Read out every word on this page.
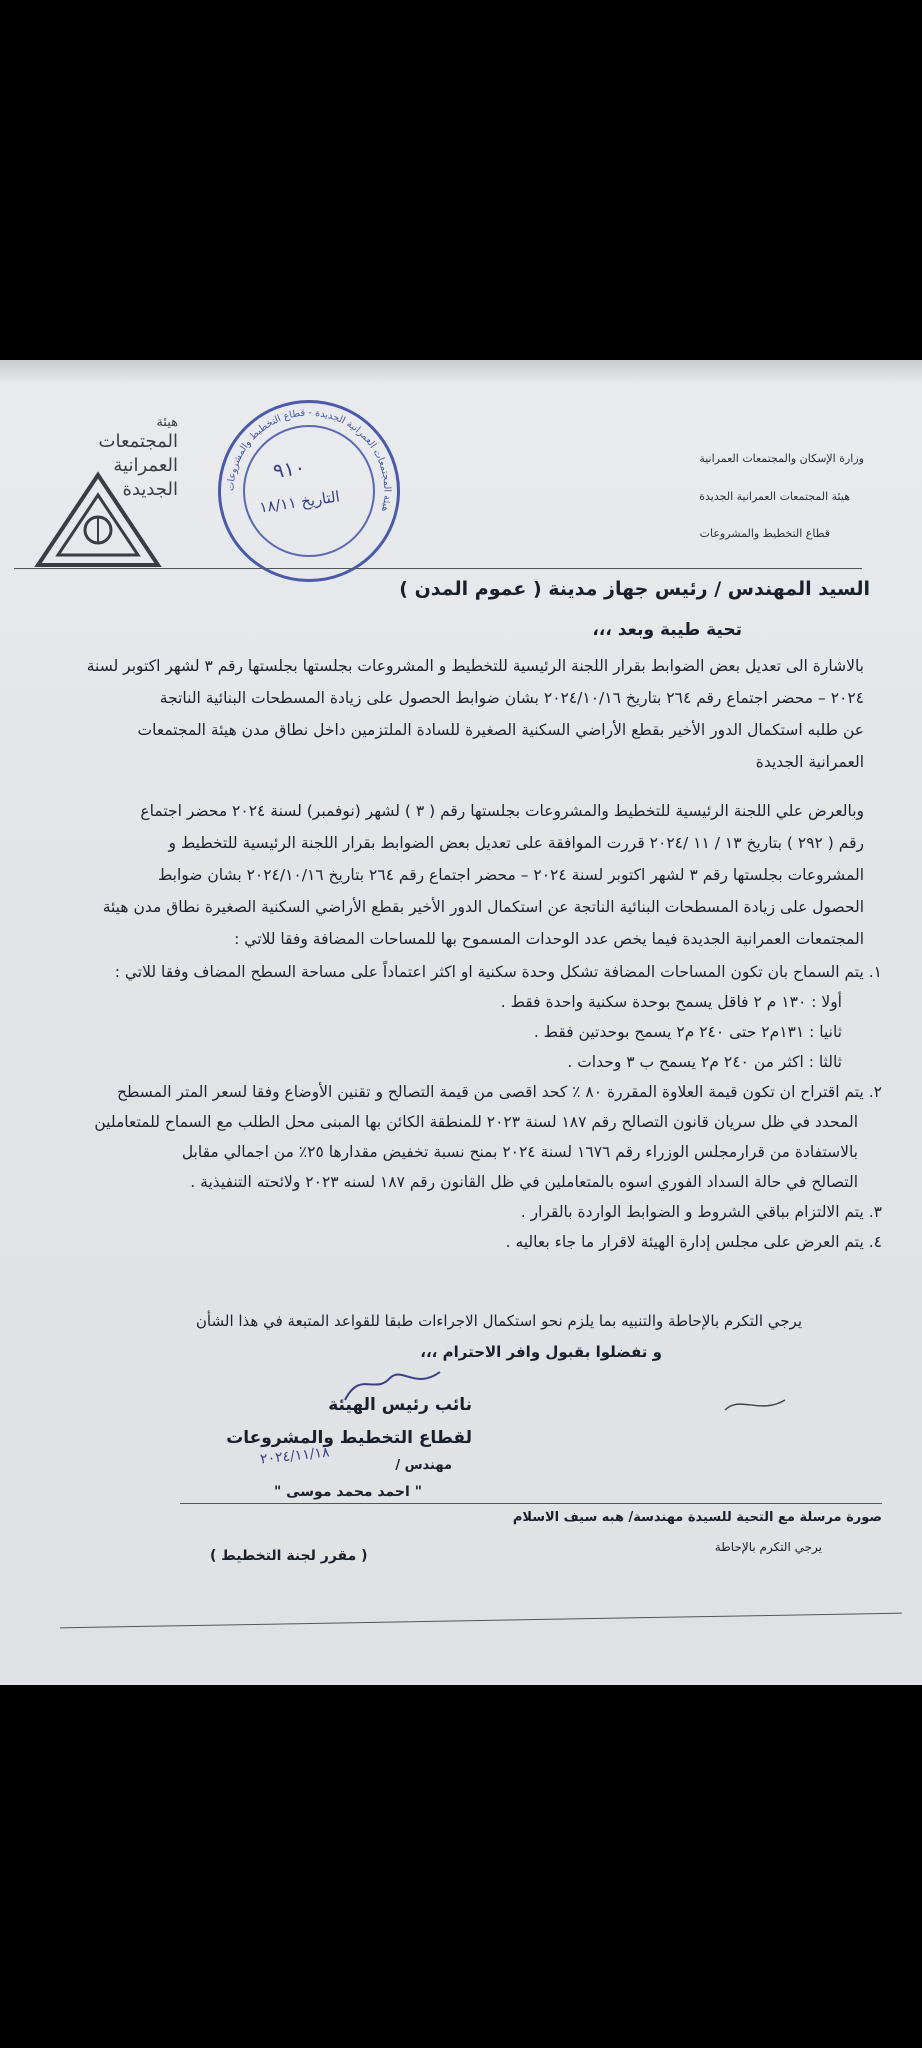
وزارة الإسكان والمجتمعات العمرانية
هيئة المجتمعات العمرانية الجديدة
قطاع التخطيط والمشروعات
هيئة
المجتمعات
العمرانية
الجديدة	هيئة المجتمعات العمرانية الجديدة - قطاع التخطيط والمشروعات
٩١٠
التاريخ ١٨/١١
السيد المهندس / رئيس جهاز مدينة ( عموم المدن )
تحية طيبة وبعد ،،،
بالاشارة الى تعديل بعض الضوابط بقرار اللجنة الرئيسية للتخطيط و المشروعات بجلستها بجلستها رقم ٣ لشهر اكتوبر لسنة
٢٠٢٤ – محضر اجتماع رقم ٢٦٤ بتاريخ ٢٠٢٤/١٠/١٦ بشان ضوابط الحصول على زيادة المسطحات البنائية الناتجة
عن طلبه استكمال الدور الأخير بقطع الأراضي السكنية الصغيرة للسادة الملتزمين داخل نطاق مدن هيئة المجتمعات
العمرانية الجديدة
وبالعرض علي اللجنة الرئيسية للتخطيط والمشروعات بجلستها رقم ( ٣ ) لشهر (نوفمبر) لسنة ٢٠٢٤ محضر اجتماع
رقم ( ٢٩٢ ) بتاريخ ١٣ / ١١ /٢٠٢٤ قررت الموافقة على تعديل بعض الضوابط بقرار اللجنة الرئيسية للتخطيط و
المشروعات بجلستها رقم ٣ لشهر اكتوبر لسنة ٢٠٢٤ – محضر اجتماع رقم ٢٦٤ بتاريخ ٢٠٢٤/١٠/١٦ بشان ضوابط
الحصول على زيادة المسطحات البنائية الناتجة عن استكمال الدور الأخير بقطع الأراضي السكنية الصغيرة نطاق مدن هيئة
المجتمعات العمرانية الجديدة فيما يخص عدد الوحدات المسموح بها للمساحات المضافة وفقا للاتي :
١. يتم السماح بان تكون المساحات المضافة تشكل وحدة سكنية او اكثر اعتماداً على مساحة السطح المضاف وفقا للاتي :
أولا : ١٣٠ م ٢ فاقل يسمح بوحدة سكنية واحدة فقط .
ثانيا : ١٣١م٢ حتى ٢٤٠ م٢ يسمح بوحدتين فقط .
ثالثا : اكثر من ٢٤٠ م٢ يسمح ب ٣ وحدات .
٢. يتم اقتراح ان تكون قيمة العلاوة المقررة ٨٠ ٪ كحد اقصى من قيمة التصالح و تقنين الأوضاع وفقا لسعر المتر المسطح
المحدد في ظل سريان قانون التصالح رقم ١٨٧ لسنة ٢٠٢٣ للمنطقة الكائن بها المبنى محل الطلب مع السماح للمتعاملين
بالاستفادة من قرارمجلس الوزراء رقم ١٦٧٦ لسنة ٢٠٢٤ بمنح نسبة تخفيض مقدارها ٢٥٪ من اجمالي مقابل
التصالح في حالة السداد الفوري اسوه بالمتعاملين في ظل القانون رقم ١٨٧ لسنه ٢٠٢٣ ولائحته التنفيذية .
٣. يتم الالتزام بباقي الشروط و الضوابط الواردة بالقرار .
٤. يتم العرض على مجلس إدارة الهيئة لاقرار ما جاء بعاليه .
يرجي التكرم بالإحاطة والتنبيه بما يلزم نحو استكمال الاجراءات طبقا للقواعد المتبعة في هذا الشأن
و تفضلوا بقبول وافر الاحترام ،،،
نائب رئيس الهيئة
لقطاع التخطيط والمشروعات
مهندس /
" احمد محمد موسى "
٢٠٢٤/١١/١٨
صورة مرسلة مع التحية للسيدة مهندسة/ هبه سيف الاسلام
يرجي التكرم بالإحاطة
( مقرر لجنة التخطيط )
